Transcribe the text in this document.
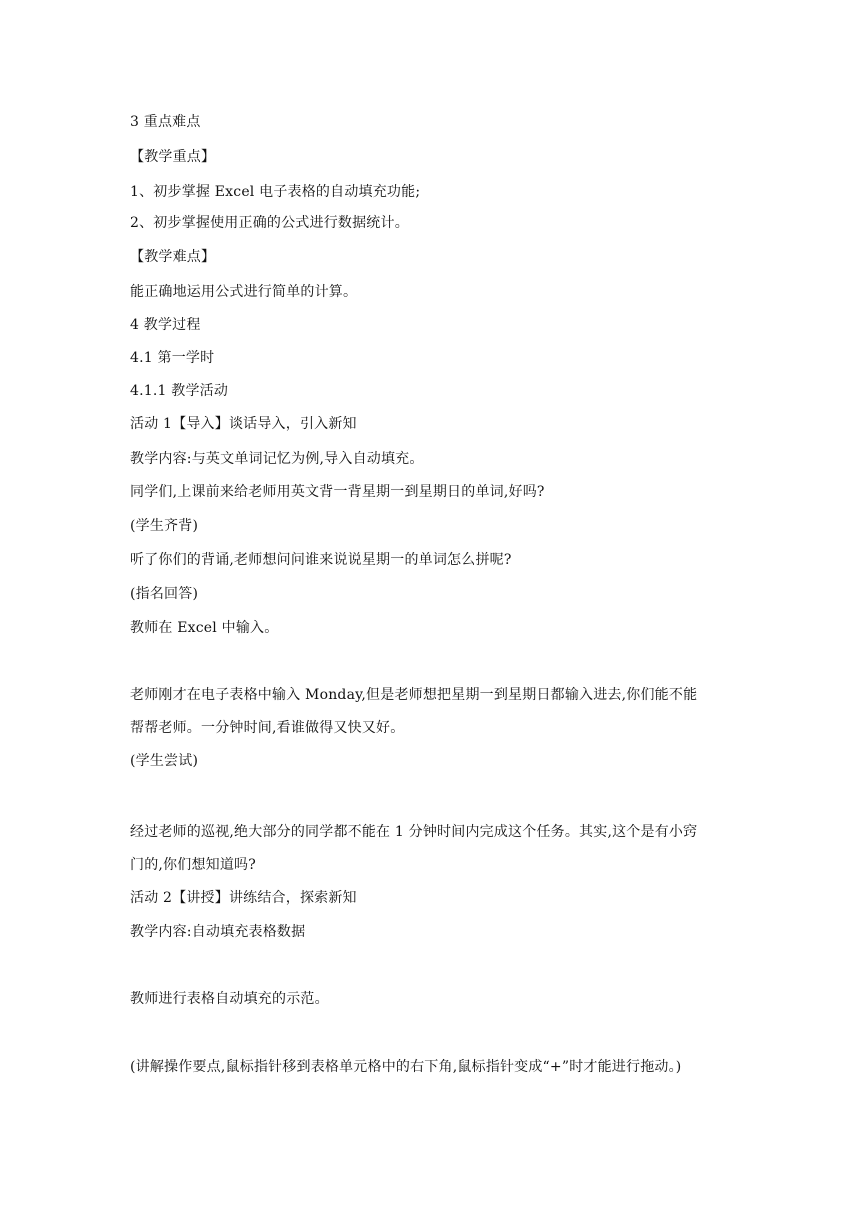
3 重点难点
【教学重点】
1、初步掌握 Excel 电子表格的自动填充功能;
2、初步掌握使用正确的公式进行数据统计。
【教学难点】
能正确地运用公式进行简单的计算。
4 教学过程
4.1 第一学时
4.1.1 教学活动
活动 1【导入】谈话导入，引入新知
教学内容:与英文单词记忆为例,导入自动填充。
同学们,上课前来给老师用英文背一背星期一到星期日的单词,好吗?
(学生齐背)
听了你们的背诵,老师想问问谁来说说星期一的单词怎么拼呢?
(指名回答)
教师在 Excel 中输入。
老师刚才在电子表格中输入 Monday,但是老师想把星期一到星期日都输入进去,你们能不能
帮帮老师。一分钟时间,看谁做得又快又好。
(学生尝试)
经过老师的巡视,绝大部分的同学都不能在 1 分钟时间内完成这个任务。其实,这个是有小窍
门的,你们想知道吗?
活动 2【讲授】讲练结合，探索新知
教学内容:自动填充表格数据
教师进行表格自动填充的示范。
(讲解操作要点,鼠标指针移到表格单元格中的右下角,鼠标指针变成“+”时才能进行拖动。)
